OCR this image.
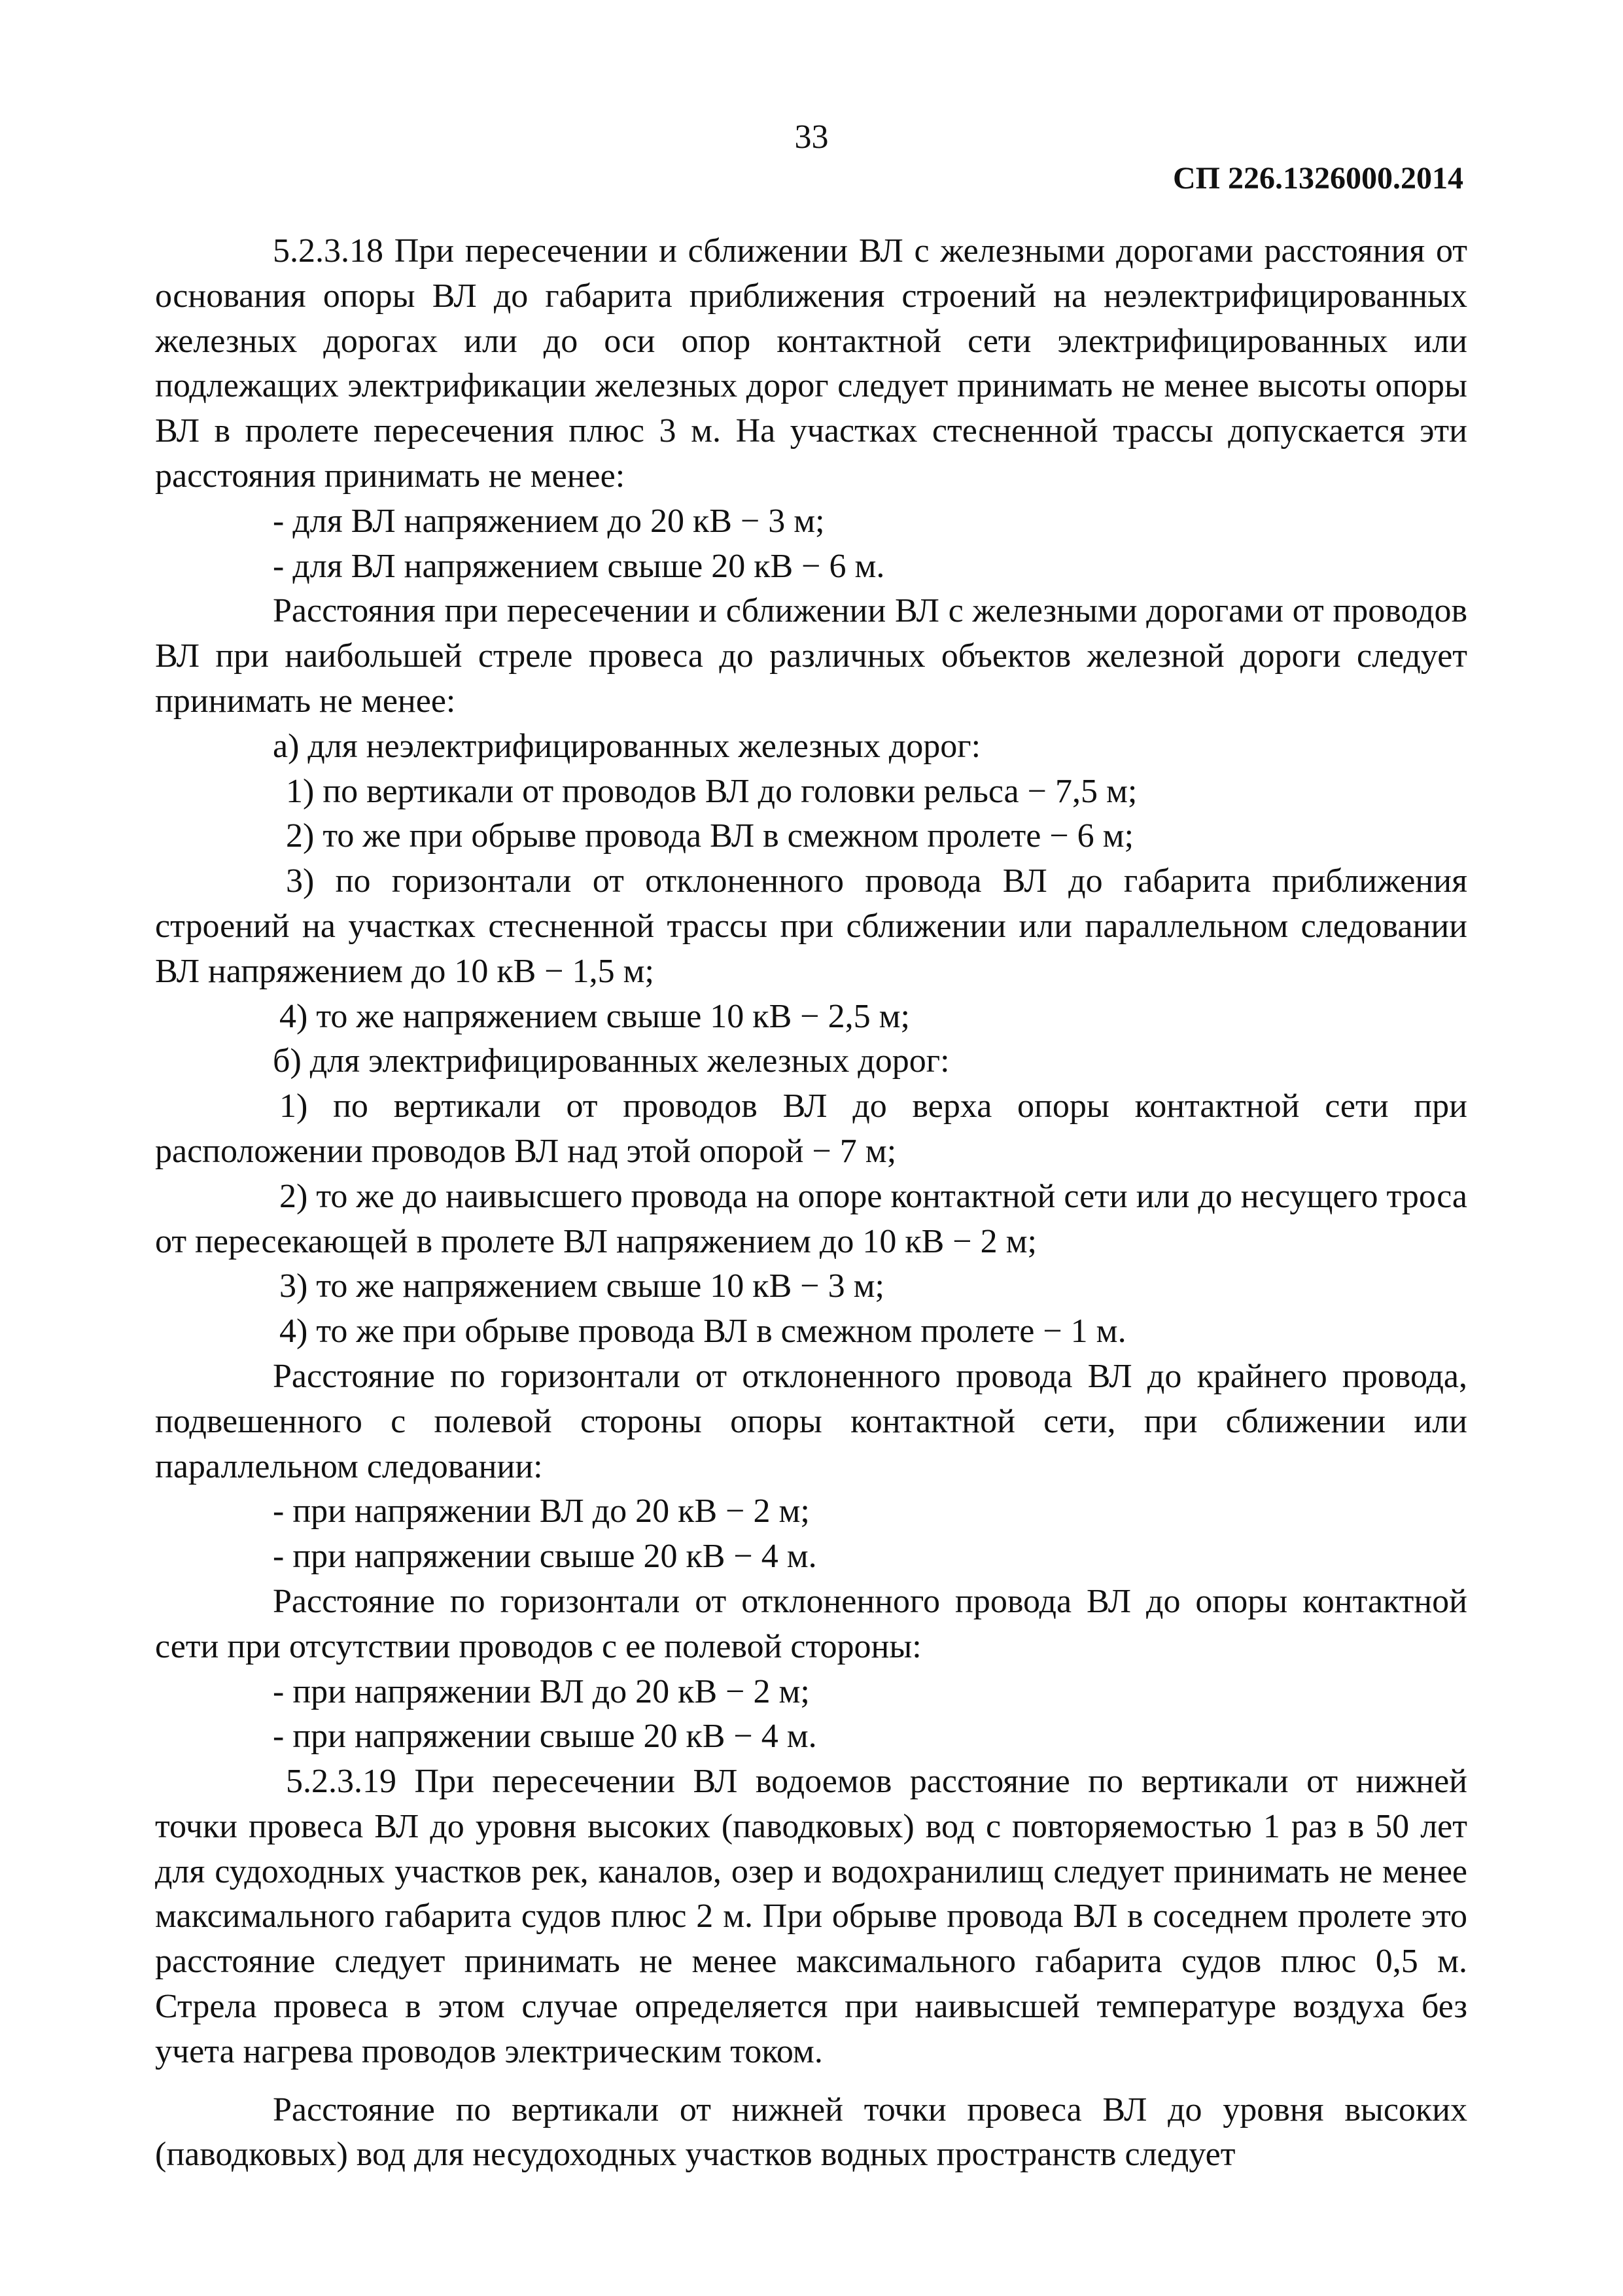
33
СП 226.1326000.2014

5.2.3.18 При пересечении и сближении ВЛ с железными дорогами расстояния от основания опоры ВЛ до габарита приближения строений на неэлектрифицированных железных дорогах или до оси опор контактной сети электрифицированных или подлежащих электрификации железных дорог следует принимать не менее высоты опоры ВЛ в пролете пересечения плюс 3 м. На участках стесненной трассы допускается эти расстояния принимать не менее:

- для ВЛ напряжением до 20 кВ − 3 м;

- для ВЛ напряжением свыше 20 кВ − 6 м.

Расстояния при пересечении и сближении ВЛ с железными дорогами от проводов ВЛ при наибольшей стреле провеса до различных объектов железной дороги следует принимать не менее:

а) для неэлектрифицированных железных дорог:

1) по вертикали от проводов ВЛ до головки рельса − 7,5 м;

2) то же при обрыве провода ВЛ в смежном пролете − 6 м;

3) по горизонтали от отклоненного провода ВЛ до габарита приближения строений на участках стесненной трассы при сближении или параллельном следовании ВЛ напряжением до 10 кВ − 1,5 м;

4) то же напряжением свыше 10 кВ − 2,5 м;

б) для электрифицированных железных дорог:

1) по вертикали от проводов ВЛ до верха опоры контактной сети при расположении проводов ВЛ над этой опорой − 7 м;

2) то же до наивысшего провода на опоре контактной сети или до несущего троса от пересекающей в пролете ВЛ напряжением до 10 кВ − 2 м;

3) то же напряжением свыше 10 кВ − 3 м;

4) то же при обрыве провода ВЛ в смежном пролете − 1 м.

Расстояние по горизонтали от отклоненного провода ВЛ до крайнего провода, подвешенного с полевой стороны опоры контактной сети, при сближении или параллельном следовании:

- при напряжении ВЛ до 20 кВ − 2 м;

- при напряжении свыше 20 кВ − 4 м.

Расстояние по горизонтали от отклоненного провода ВЛ до опоры контактной сети при отсутствии проводов с ее полевой стороны:

- при напряжении ВЛ до 20 кВ − 2 м;

- при напряжении свыше 20 кВ − 4 м.

5.2.3.19 При пересечении ВЛ водоемов расстояние по вертикали от нижней точки провеса ВЛ до уровня высоких (паводковых) вод с повторяемостью 1 раз в 50 лет для судоходных участков рек, каналов, озер и водохранилищ следует принимать не менее максимального габарита судов плюс 2 м. При обрыве провода ВЛ в соседнем пролете это расстояние следует принимать не менее максимального габарита судов плюс 0,5 м. Стрела провеса в этом случае определяется при наивысшей температуре воздуха без учета нагрева проводов электрическим током.

Расстояние по вертикали от нижней точки провеса ВЛ до уровня высоких (паводковых) вод для несудоходных участков водных пространств следует
